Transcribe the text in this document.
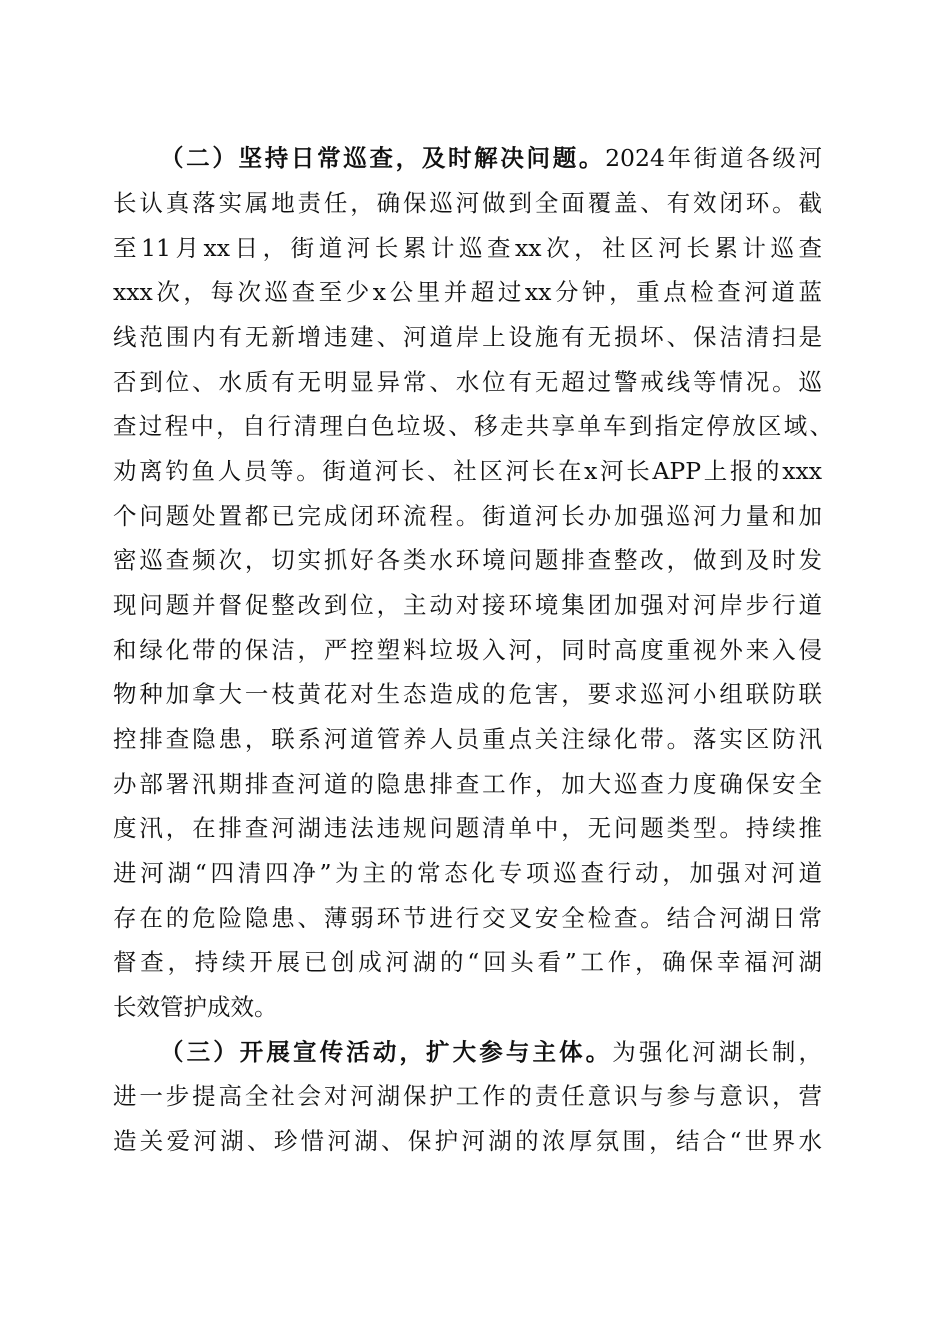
（二）坚持日常巡查，及时解决问题。2024年街道各级河
长认真落实属地责任，确保巡河做到全面覆盖、有效闭环。截
至11月xx日，街道河长累计巡查xx次，社区河长累计巡查
xxx次，每次巡查至少x公里并超过xx分钟，重点检查河道蓝
线范围内有无新增违建、河道岸上设施有无损坏、保洁清扫是
否到位、水质有无明显异常、水位有无超过警戒线等情况。巡
查过程中，自行清理白色垃圾、移走共享单车到指定停放区域、
劝离钓鱼人员等。街道河长、社区河长在x河长APP上报的xxx
个问题处置都已完成闭环流程。街道河长办加强巡河力量和加
密巡查频次，切实抓好各类水环境问题排查整改，做到及时发
现问题并督促整改到位，主动对接环境集团加强对河岸步行道
和绿化带的保洁，严控塑料垃圾入河，同时高度重视外来入侵
物种加拿大一枝黄花对生态造成的危害，要求巡河小组联防联
控排查隐患，联系河道管养人员重点关注绿化带。落实区防汛
办部署汛期排查河道的隐患排查工作，加大巡查力度确保安全
度汛，在排查河湖违法违规问题清单中，无问题类型。持续推
进河湖“四清四净”为主的常态化专项巡查行动，加强对河道
存在的危险隐患、薄弱环节进行交叉安全检查。结合河湖日常
督查，持续开展已创成河湖的“回头看”工作，确保幸福河湖
长效管护成效。
（三）开展宣传活动，扩大参与主体。为强化河湖长制，
进一步提高全社会对河湖保护工作的责任意识与参与意识，营
造关爱河湖、珍惜河湖、保护河湖的浓厚氛围，结合“世界水
